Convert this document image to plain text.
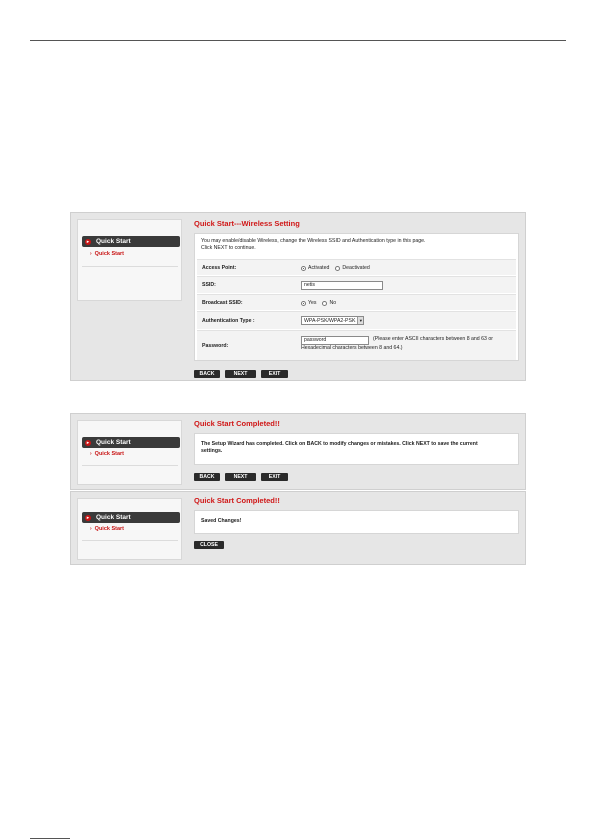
▸ Quick Start
› Quick Start
Quick Start---Wireless Setting
You may enable/disable Wireless, change the Wireless SSID and Authentication type in this page.
Click NEXT to continue.
Access Point:	Activated	Deactivated
SSID:	netis
Broadcast SSID:	Yes	No
Authentication Type :	WPA-PSK/WPA2-PSK ▼
Password:
password	(Please enter ASCII characters between 8 and 63 or
Hexadecimal characters between 8 and 64.)
BACK	NEXT	EXIT
▸ Quick Start
› Quick Start
Quick Start Completed!!
The Setup Wizard has completed. Click on BACK to modify changes or mistakes. Click NEXT to save the current
settings.
BACK	NEXT	EXIT
▸ Quick Start
› Quick Start
Quick Start Completed!!
Saved Changes!
CLOSE
